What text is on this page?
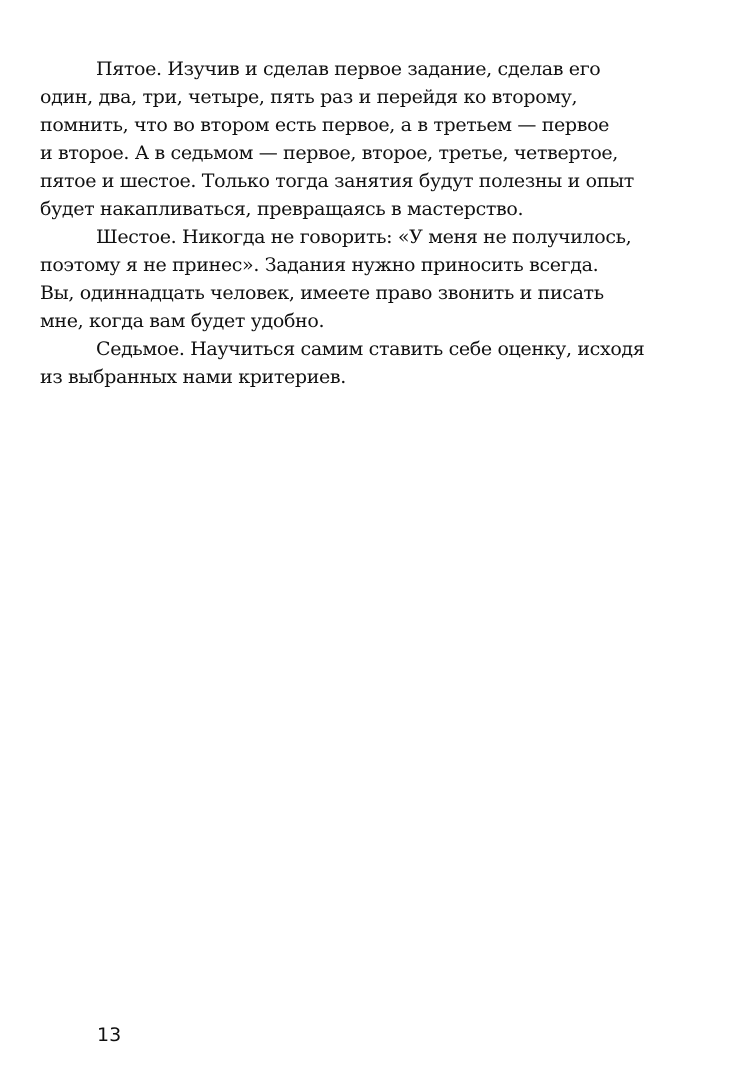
Пятое. Изучив и сделав первое задание, сделав его
один, два, три, четыре, пять раз и перейдя ко второму,
помнить, что во втором есть первое, а в третьем — первое
и второе. А в седьмом — первое, второе, третье, четвертое,
пятое и шестое. Только тогда занятия будут полезны и опыт
будет накапливаться, превращаясь в мастерство.
Шестое. Никогда не говорить: «У меня не получилось,
поэтому я не принес». Задания нужно приносить всегда.
Вы, одиннадцать человек, имеете право звонить и писать
мне, когда вам будет удобно.
Седьмое. Научиться самим ставить себе оценку, исходя
из выбранных нами критериев.
13
